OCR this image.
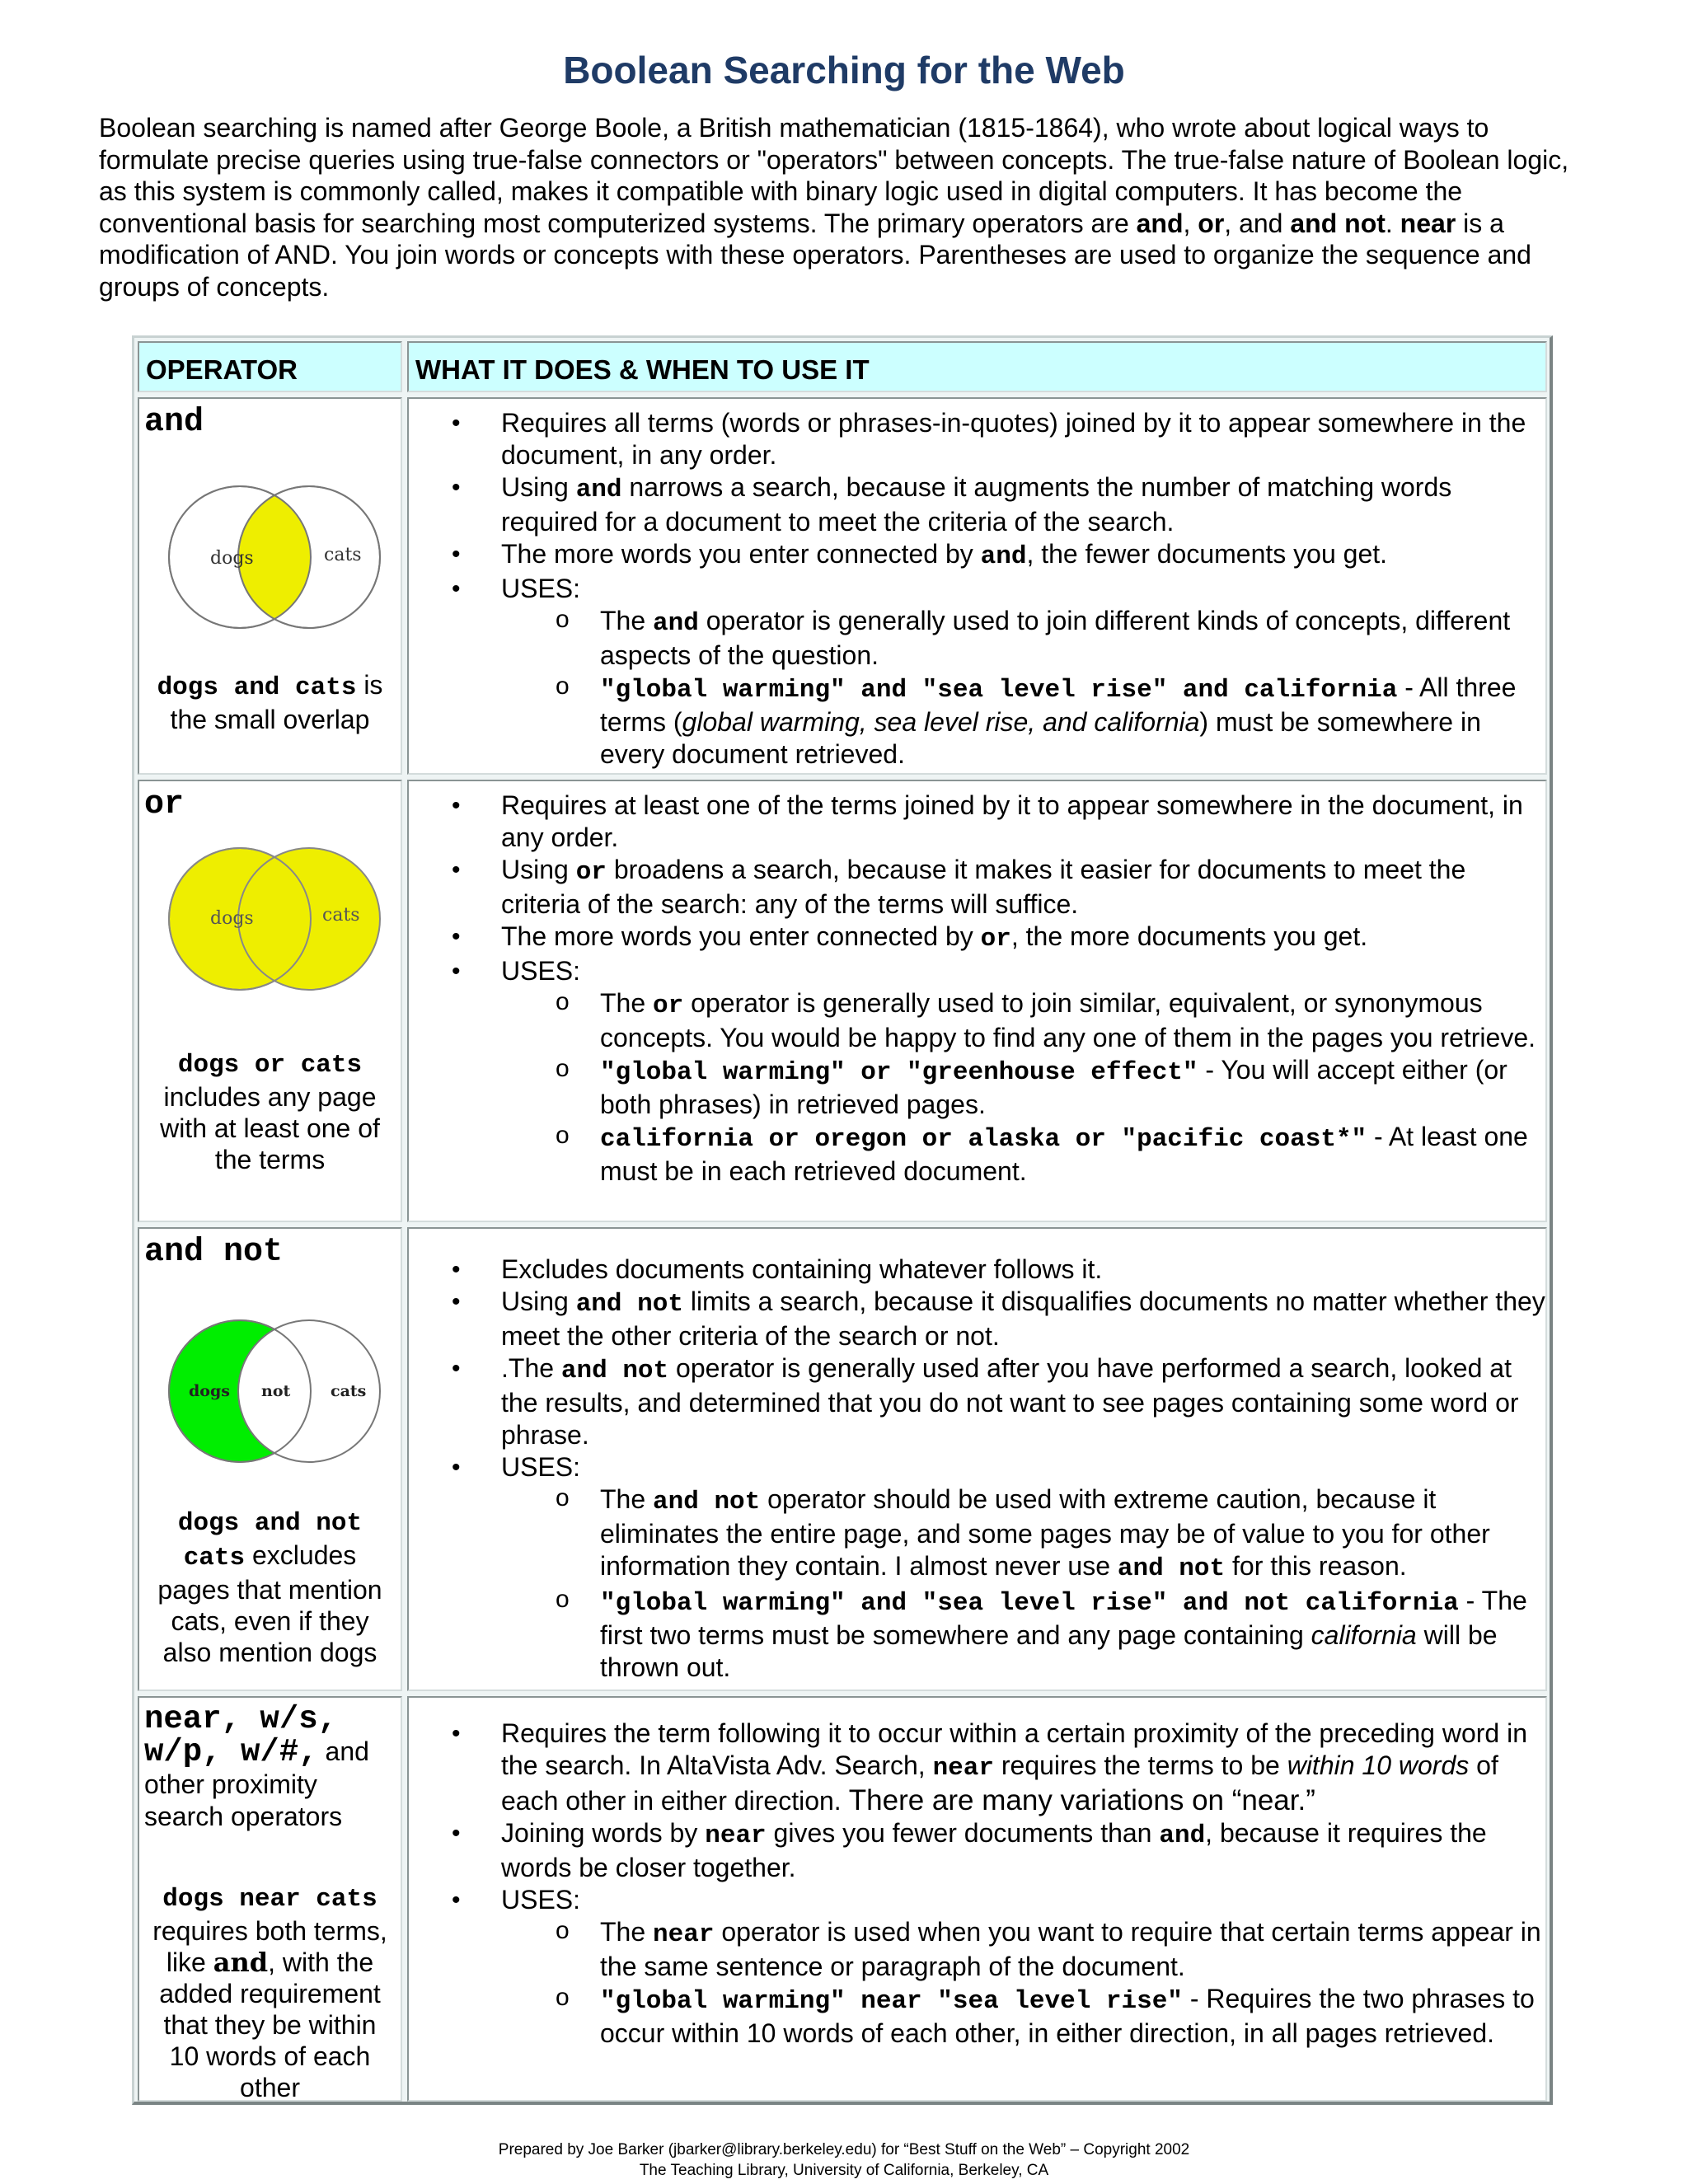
Boolean Searching for the Web
Boolean searching is named after George Boole, a British mathematician (1815-1864), who wrote about logical ways to formulate precise queries using true-false connectors or "operators" between concepts. The true-false nature of Boolean logic, as this system is commonly called, makes it compatible with binary logic used in digital computers. It has become the conventional basis for searching most computerized systems. The primary operators are and, or, and and not. near is a modification of AND. You join words or concepts with these operators. Parentheses are used to organize the sequence and groups of concepts.
OPERATOR	WHAT IT DOES & WHEN TO USE IT
and
dogs	cats
dogs and cats is the small overlap
• Requires all terms (words or phrases-in-quotes) joined by it to appear somewhere in the document, in any order.
• Using and narrows a search, because it augments the number of matching words required for a document to meet the criteria of the search.
• The more words you enter connected by and, the fewer documents you get.
• USES:
o The and operator is generally used to join different kinds of concepts, different aspects of the question.
o "global warming" and "sea level rise" and california - All three terms (global warming, sea level rise, and california) must be somewhere in every document retrieved.
or
dogs	cats
dogs or cats
includes any page with at least one of the terms
• Requires at least one of the terms joined by it to appear somewhere in the document, in any order.
• Using or broadens a search, because it makes it easier for documents to meet the criteria of the search: any of the terms will suffice.
• The more words you enter connected by or, the more documents you get.
• USES:
o The or operator is generally used to join similar, equivalent, or synonymous concepts. You would be happy to find any one of them in the pages you retrieve.
o "global warming" or "greenhouse effect" - You will accept either (or both phrases) in retrieved pages.
o california or oregon or alaska or "pacific coast*" - At least one must be in each retrieved document.
and not
dogs not	cats
dogs and not cats excludes pages that mention cats, even if they also mention dogs
• Excludes documents containing whatever follows it.
• Using and not limits a search, because it disqualifies documents no matter whether they meet the other criteria of the search or not.
• .The and not operator is generally used after you have performed a search, looked at the results, and determined that you do not want to see pages containing some word or phrase.
• USES:
o The and not operator should be used with extreme caution, because it eliminates the entire page, and some pages may be of value to you for other information they contain. I almost never use and not for this reason.
o "global warming" and "sea level rise" and not california - The first two terms must be somewhere and any page containing california will be thrown out.
near, w/s,
w/p, w/#, and
other proximity search operators
dogs near cats
requires both terms, like and, with the added requirement that they be within 10 words of each other
• Requires the term following it to occur within a certain proximity of the preceding word in the search. In AltaVista Adv. Search, near requires the terms to be within 10 words of each other in either direction. There are many variations on “near.”
• Joining words by near gives you fewer documents than and, because it requires the words be closer together.
• USES:
o The near operator is used when you want to require that certain terms appear in the same sentence or paragraph of the document.
o "global warming" near "sea level rise" - Requires the two phrases to occur within 10 words of each other, in either direction, in all pages retrieved.
Prepared by Joe Barker (jbarker@library.berkeley.edu) for “Best Stuff on the Web” – Copyright 2002
The Teaching Library, University of California, Berkeley, CA
